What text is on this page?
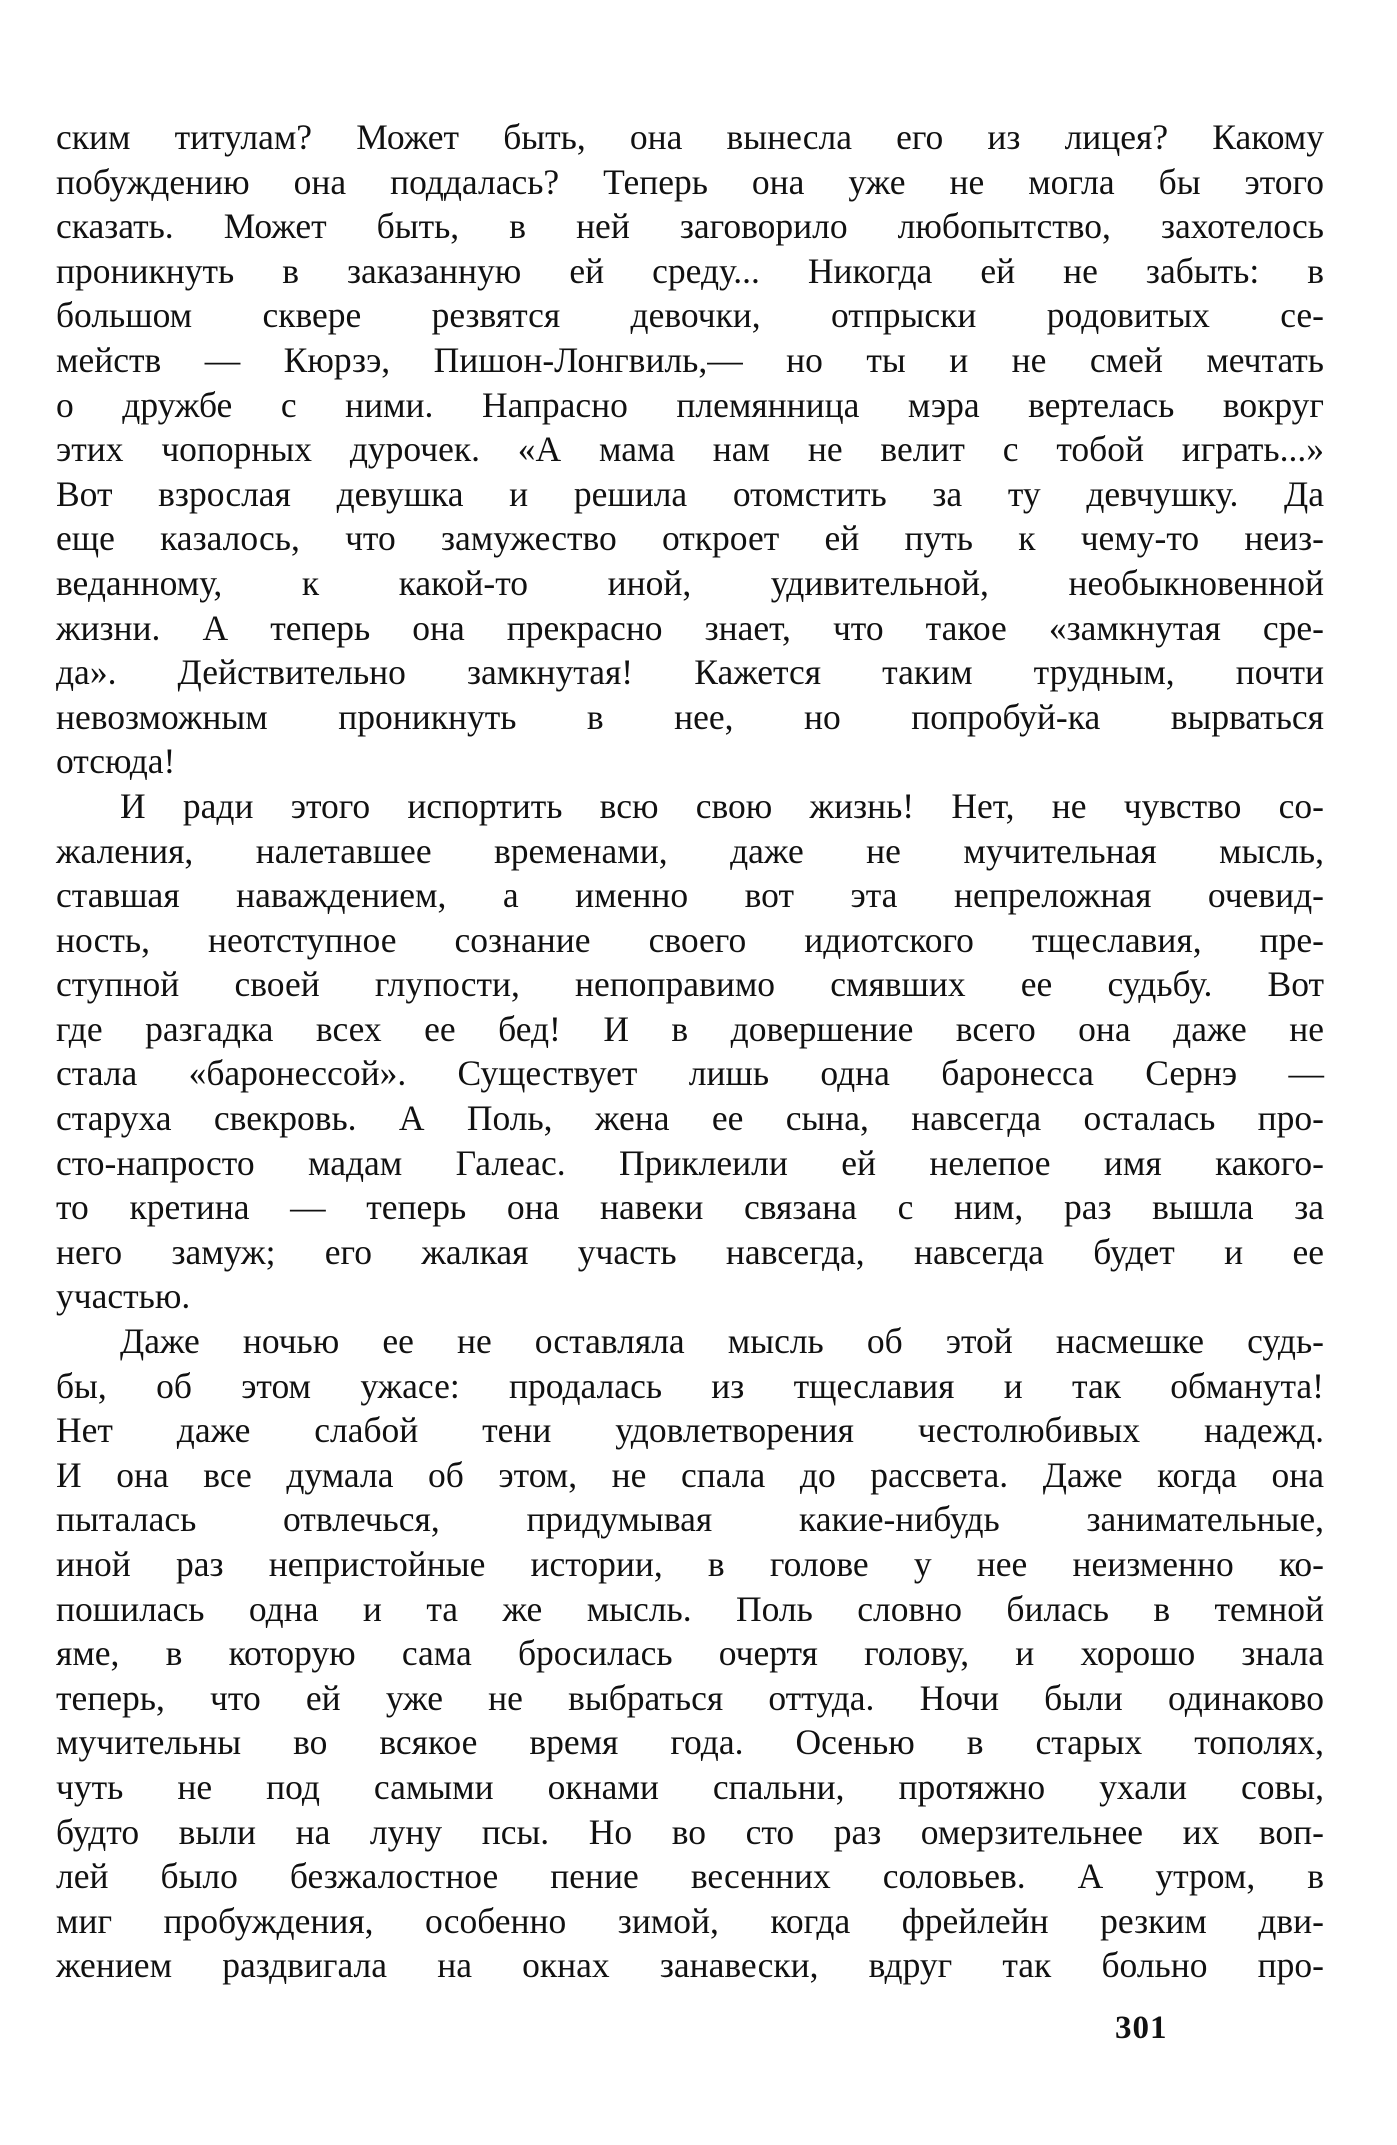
ским титулам? Может быть, она вынесла его из лицея? Какому
побуждению она поддалась? Теперь она уже не могла бы этого
сказать. Может быть, в ней заговорило любопытство, захотелось
проникнуть в заказанную ей среду... Никогда ей не забыть: в
большом сквере резвятся девочки, отпрыски родовитых се-
мейств — Кюрзэ, Пишон-Лонгвиль,— но ты и не смей мечтать
о дружбе с ними. Напрасно племянница мэра вертелась вокруг
этих чопорных дурочек. «А мама нам не велит с тобой играть...»
Вот взрослая девушка и решила отомстить за ту девчушку. Да
еще казалось, что замужество откроет ей путь к чему-то неиз-
веданному, к какой-то иной, удивительной, необыкновенной
жизни. А теперь она прекрасно знает, что такое «замкнутая сре-
да». Действительно замкнутая! Кажется таким трудным, почти
невозможным проникнуть в нее, но попробуй-ка вырваться
отсюда!
И ради этого испортить всю свою жизнь! Нет, не чувство со-
жаления, налетавшее временами, даже не мучительная мысль,
ставшая наваждением, а именно вот эта непреложная очевид-
ность, неотступное сознание своего идиотского тщеславия, пре-
ступной своей глупости, непоправимо смявших ее судьбу. Вот
где разгадка всех ее бед! И в довершение всего она даже не
стала «баронессой». Существует лишь одна баронесса Сернэ —
старуха свекровь. А Поль, жена ее сына, навсегда осталась про-
сто-напросто мадам Галеас. Приклеили ей нелепое имя какого-
то кретина — теперь она навеки связана с ним, раз вышла за
него замуж; его жалкая участь навсегда, навсегда будет и ее
участью.
Даже ночью ее не оставляла мысль об этой насмешке судь-
бы, об этом ужасе: продалась из тщеславия и так обманута!
Нет даже слабой тени удовлетворения честолюбивых надежд.
И она все думала об этом, не спала до рассвета. Даже когда она
пыталась отвлечься, придумывая какие-нибудь занимательные,
иной раз непристойные истории, в голове у нее неизменно ко-
пошилась одна и та же мысль. Поль словно билась в темной
яме, в которую сама бросилась очертя голову, и хорошо знала
теперь, что ей уже не выбраться оттуда. Ночи были одинаково
мучительны во всякое время года. Осенью в старых тополях,
чуть не под самыми окнами спальни, протяжно ухали совы,
будто выли на луну псы. Но во сто раз омерзительнее их воп-
лей было безжалостное пение весенних соловьев. А утром, в
миг пробуждения, особенно зимой, когда фрейлейн резким дви-
жением раздвигала на окнах занавески, вдруг так больно про-
301
